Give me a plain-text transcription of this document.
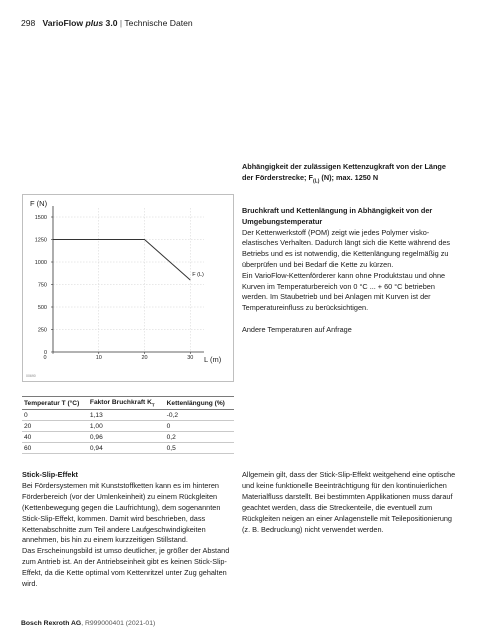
298 VarioFlow plus 3.0 | Technische Daten

Abhängigkeit der zulässigen Kettenzugkraft von der Länge

der Förderstrecke; $F_{(L)}$ (N); max. 1250 N

Bruchkraft und Kettenlängung in Abhängigkeit von der
Umgebungstemperatur

Der Kettenwerkstoff (POM) zeigt wie jedes Polymer visko-elastisches Verhalten. Dadurch längt sich die Kette während des Betriebs und es ist notwendig, die Kettenlängung regelmäßig zu überprüfen und bei Bedarf die Kette zu kürzen.

Ein VarioFlow-Kettenförderer kann ohne Produktstau und ohne Kurven im Temperaturbereich von 0 °C ... + 60 °C betrieben werden. Im Staubetrieb und bei Anlagen mit Kurven ist der Temperatureinfluss zu berücksichtigen.

Andere Temperaturen auf Anfrage

F (N)
L (m)
00690
0
250
500
750
1000
1250
1500
0	10	20	30
F (L)
Temperatur T (°C)	Faktor Bruchkraft $K_T$	Kettenlängung (%)
0	1,13	-0,2
20	1,00	0
40	0,96	0,2
60	0,94	0,5

Stick-Slip-Effekt

Bei Fördersystemen mit Kunststoffketten kann es im hinteren Förderbereich (vor der Umlenkeinheit) zu einem Rückgleiten (Kettenbewegung gegen die Laufrichtung), dem sogenannten Stick-Slip-Effekt, kommen. Damit wird beschrieben, dass Kettenabschnitte zum Teil andere Laufgeschwindigkeiten annehmen, bis hin zu einem kurzzeitigen Stillstand.

Das Erscheinungsbild ist umso deutlicher, je größer der Abstand zum Antrieb ist. An der Antriebseinheit gibt es keinen Stick-Slip-Effekt, da die Kette optimal vom Kettenritzel unter Zug gehalten wird.

Allgemein gilt, dass der Stick-Slip-Effekt weitgehend eine optische und keine funktionelle Beeinträchtigung für den kontinuierlichen Materialfluss darstellt. Bei bestimmten Applikationen muss darauf geachtet werden, dass die Streckenteile, die eventuell zum Rückgleiten neigen an einer Anlagenstelle mit Teilepositionierung (z. B. Bedruckung) nicht verwendet werden.

Bosch Rexroth AG, R999000401 (2021-01)
